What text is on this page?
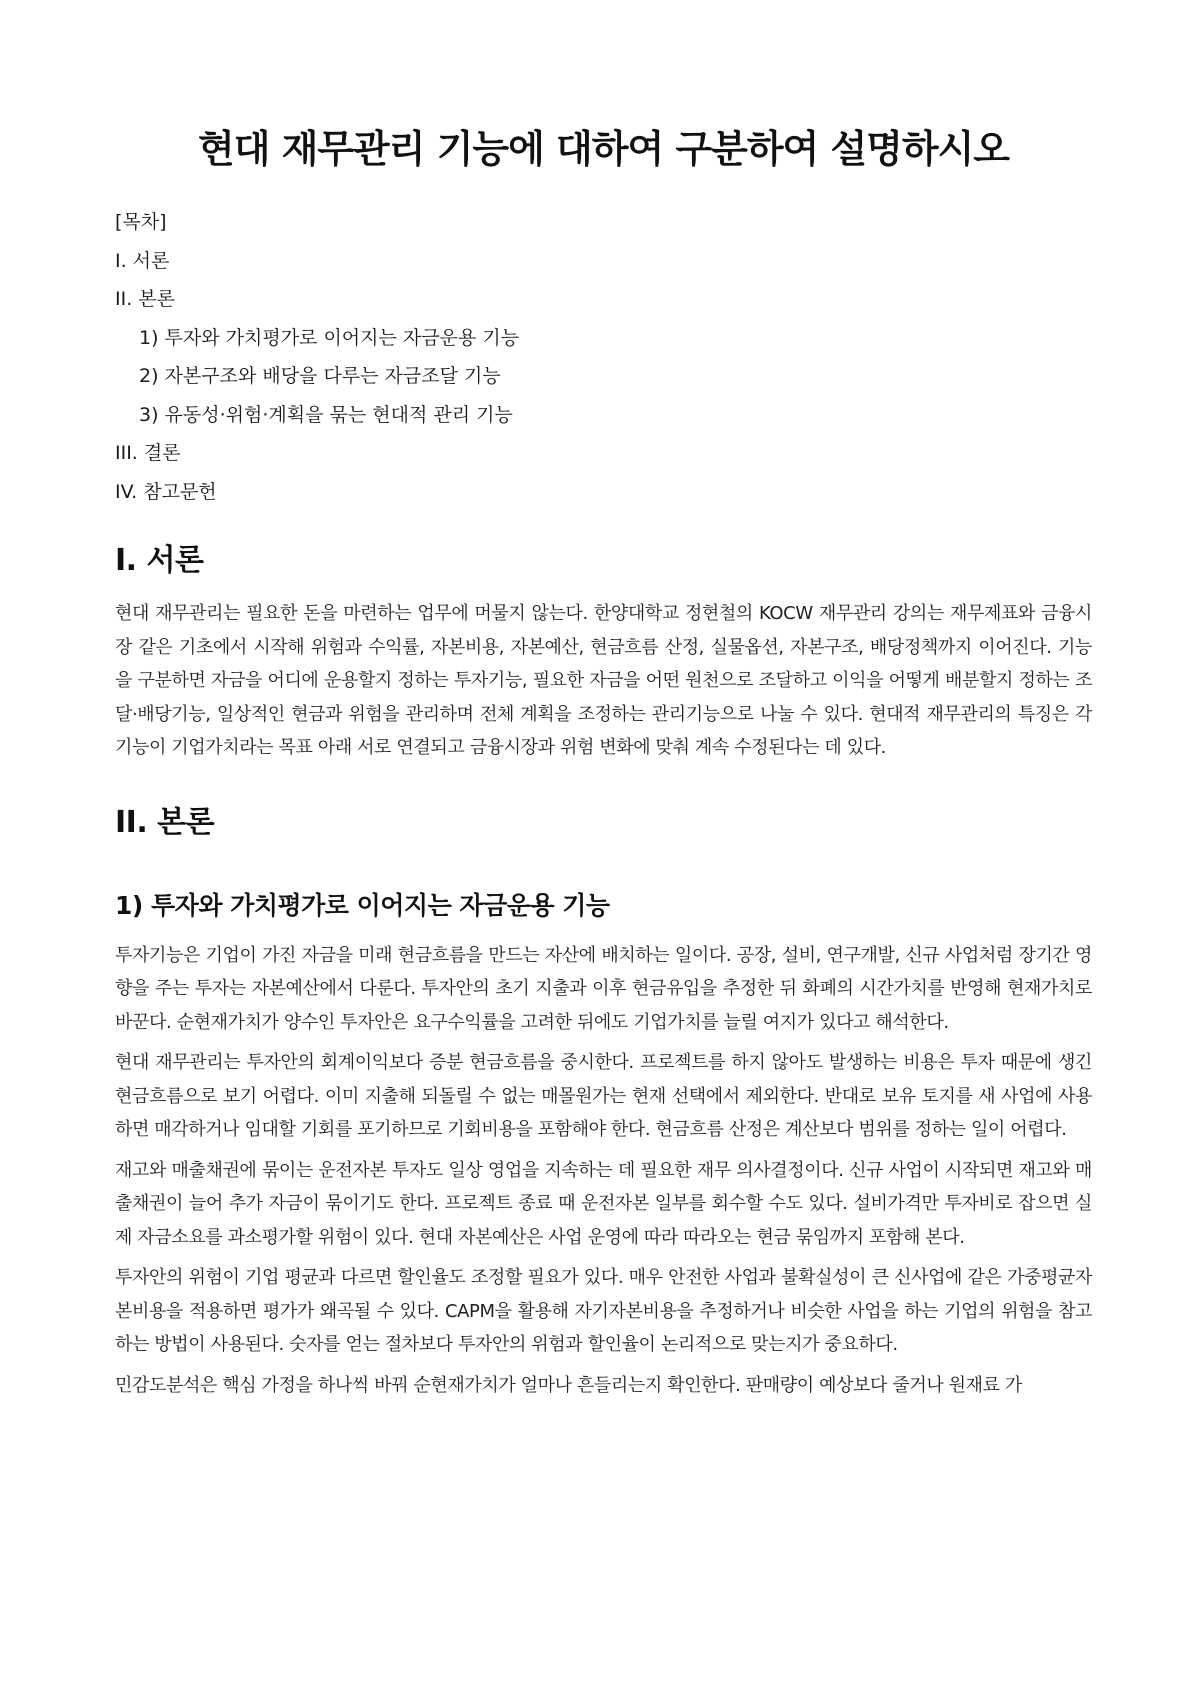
현대 재무관리 기능에 대하여 구분하여 설명하시오
[목차]
I. 서론
II. 본론
1) 투자와 가치평가로 이어지는 자금운용 기능
2) 자본구조와 배당을 다루는 자금조달 기능
3) 유동성·위험·계획을 묶는 현대적 관리 기능
III. 결론
IV. 참고문헌
I. 서론

현대 재무관리는 필요한 돈을 마련하는 업무에 머물지 않는다. 한양대학교 정현철의 KOCW 재무관리 강의는 재무제표와 금융시장 같은 기초에서 시작해 위험과 수익률, 자본비용, 자본예산, 현금흐름 산정, 실물옵션, 자본구조, 배당정책까지 이어진다. 기능을 구분하면 자금을 어디에 운용할지 정하는 투자기능, 필요한 자금을 어떤 원천으로 조달하고 이익을 어떻게 배분할지 정하는 조달·배당기능, 일상적인 현금과 위험을 관리하며 전체 계획을 조정하는 관리기능으로 나눌 수 있다. 현대적 재무관리의 특징은 각 기능이 기업가치라는 목표 아래 서로 연결되고 금융시장과 위험 변화에 맞춰 계속 수정된다는 데 있다.

II. 본론
1) 투자와 가치평가로 이어지는 자금운용 기능

투자기능은 기업이 가진 자금을 미래 현금흐름을 만드는 자산에 배치하는 일이다. 공장, 설비, 연구개발, 신규 사업처럼 장기간 영향을 주는 투자는 자본예산에서 다룬다. 투자안의 초기 지출과 이후 현금유입을 추정한 뒤 화폐의 시간가치를 반영해 현재가치로 바꾼다. 순현재가치가 양수인 투자안은 요구수익률을 고려한 뒤에도 기업가치를 늘릴 여지가 있다고 해석한다.

현대 재무관리는 투자안의 회계이익보다 증분 현금흐름을 중시한다. 프로젝트를 하지 않아도 발생하는 비용은 투자 때문에 생긴 현금흐름으로 보기 어렵다. 이미 지출해 되돌릴 수 없는 매몰원가는 현재 선택에서 제외한다. 반대로 보유 토지를 새 사업에 사용하면 매각하거나 임대할 기회를 포기하므로 기회비용을 포함해야 한다. 현금흐름 산정은 계산보다 범위를 정하는 일이 어렵다.

재고와 매출채권에 묶이는 운전자본 투자도 일상 영업을 지속하는 데 필요한 재무 의사결정이다. 신규 사업이 시작되면 재고와 매출채권이 늘어 추가 자금이 묶이기도 한다. 프로젝트 종료 때 운전자본 일부를 회수할 수도 있다. 설비가격만 투자비로 잡으면 실제 자금소요를 과소평가할 위험이 있다. 현대 자본예산은 사업 운영에 따라 따라오는 현금 묶임까지 포함해 본다.

투자안의 위험이 기업 평균과 다르면 할인율도 조정할 필요가 있다. 매우 안전한 사업과 불확실성이 큰 신사업에 같은 가중평균자본비용을 적용하면 평가가 왜곡될 수 있다. CAPM을 활용해 자기자본비용을 추정하거나 비슷한 사업을 하는 기업의 위험을 참고하는 방법이 사용된다. 숫자를 얻는 절차보다 투자안의 위험과 할인율이 논리적으로 맞는지가 중요하다.

민감도분석은 핵심 가정을 하나씩 바꿔 순현재가치가 얼마나 흔들리는지 확인한다. 판매량이 예상보다 줄거나 원재료 가
